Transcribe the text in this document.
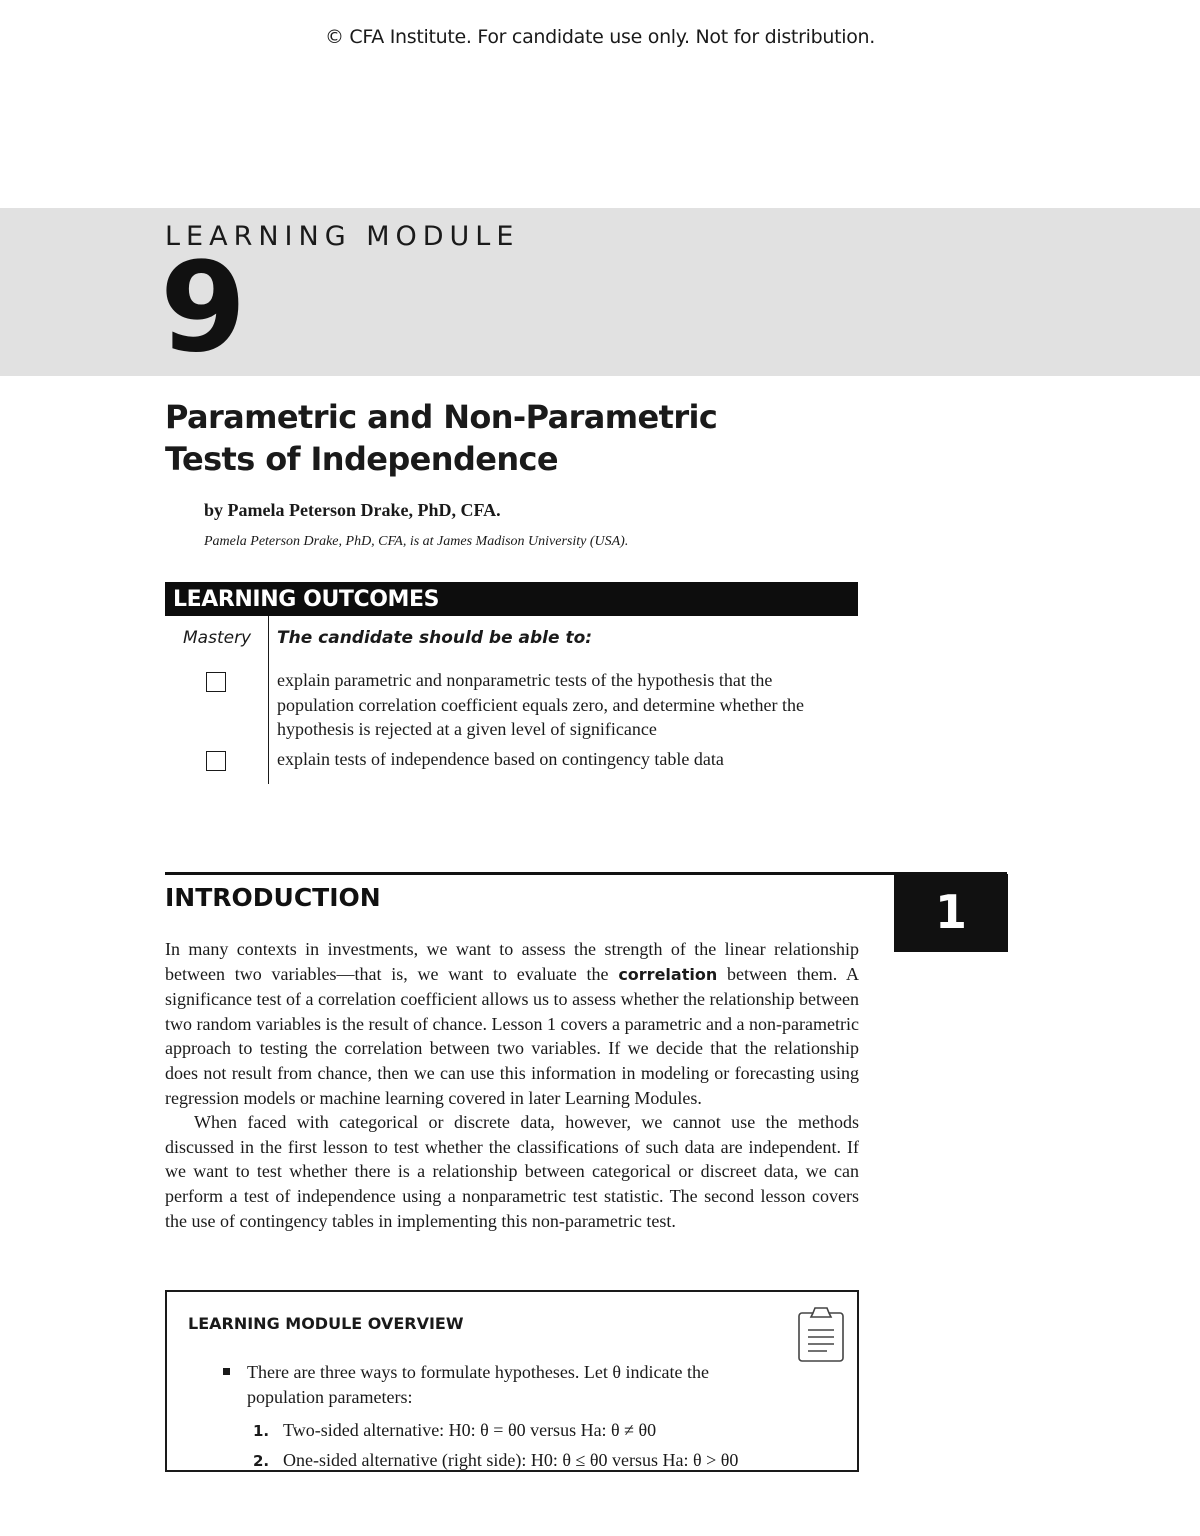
© CFA Institute. For candidate use only. Not for distribution.
LEARNING MODULE
9
Parametric and Non-Parametric
Tests of Independence
by Pamela Peterson Drake, PhD, CFA.
Pamela Peterson Drake, PhD, CFA, is at James Madison University (USA).
LEARNING OUTCOMES
Mastery The candidate should be able to:
explain parametric and nonparametric tests of the hypothesis that the population correlation coefficient equals zero, and determine whether the hypothesis is rejected at a given level of significance
explain tests of independence based on contingency table data
INTRODUCTION	1

In many contexts in investments, we want to assess the strength of the linear relationship between two variables—that is, we want to evaluate the correlation between them. A significance test of a correlation coefficient allows us to assess whether the relationship between two random variables is the result of chance. Lesson 1 covers a parametric and a non-parametric approach to testing the correlation between two variables. If we decide that the relationship does not result from chance, then we can use this information in modeling or forecasting using regression models or machine learning covered in later Learning Modules.

When faced with categorical or discrete data, however, we cannot use the methods discussed in the first lesson to test whether the classifications of such data are independent. If we want to test whether there is a relationship between categorical or discreet data, we can perform a test of independence using a nonparametric test statistic. The second lesson covers the use of contingency tables in implementing this non-parametric test.

LEARNING MODULE OVERVIEW
There are three ways to formulate hypotheses. Let θ indicate the population parameters:
1. Two-sided alternative: H0: θ = θ0 versus Ha: θ ≠ θ0
2. One-sided alternative (right side): H0: θ ≤ θ0 versus Ha: θ > θ0
